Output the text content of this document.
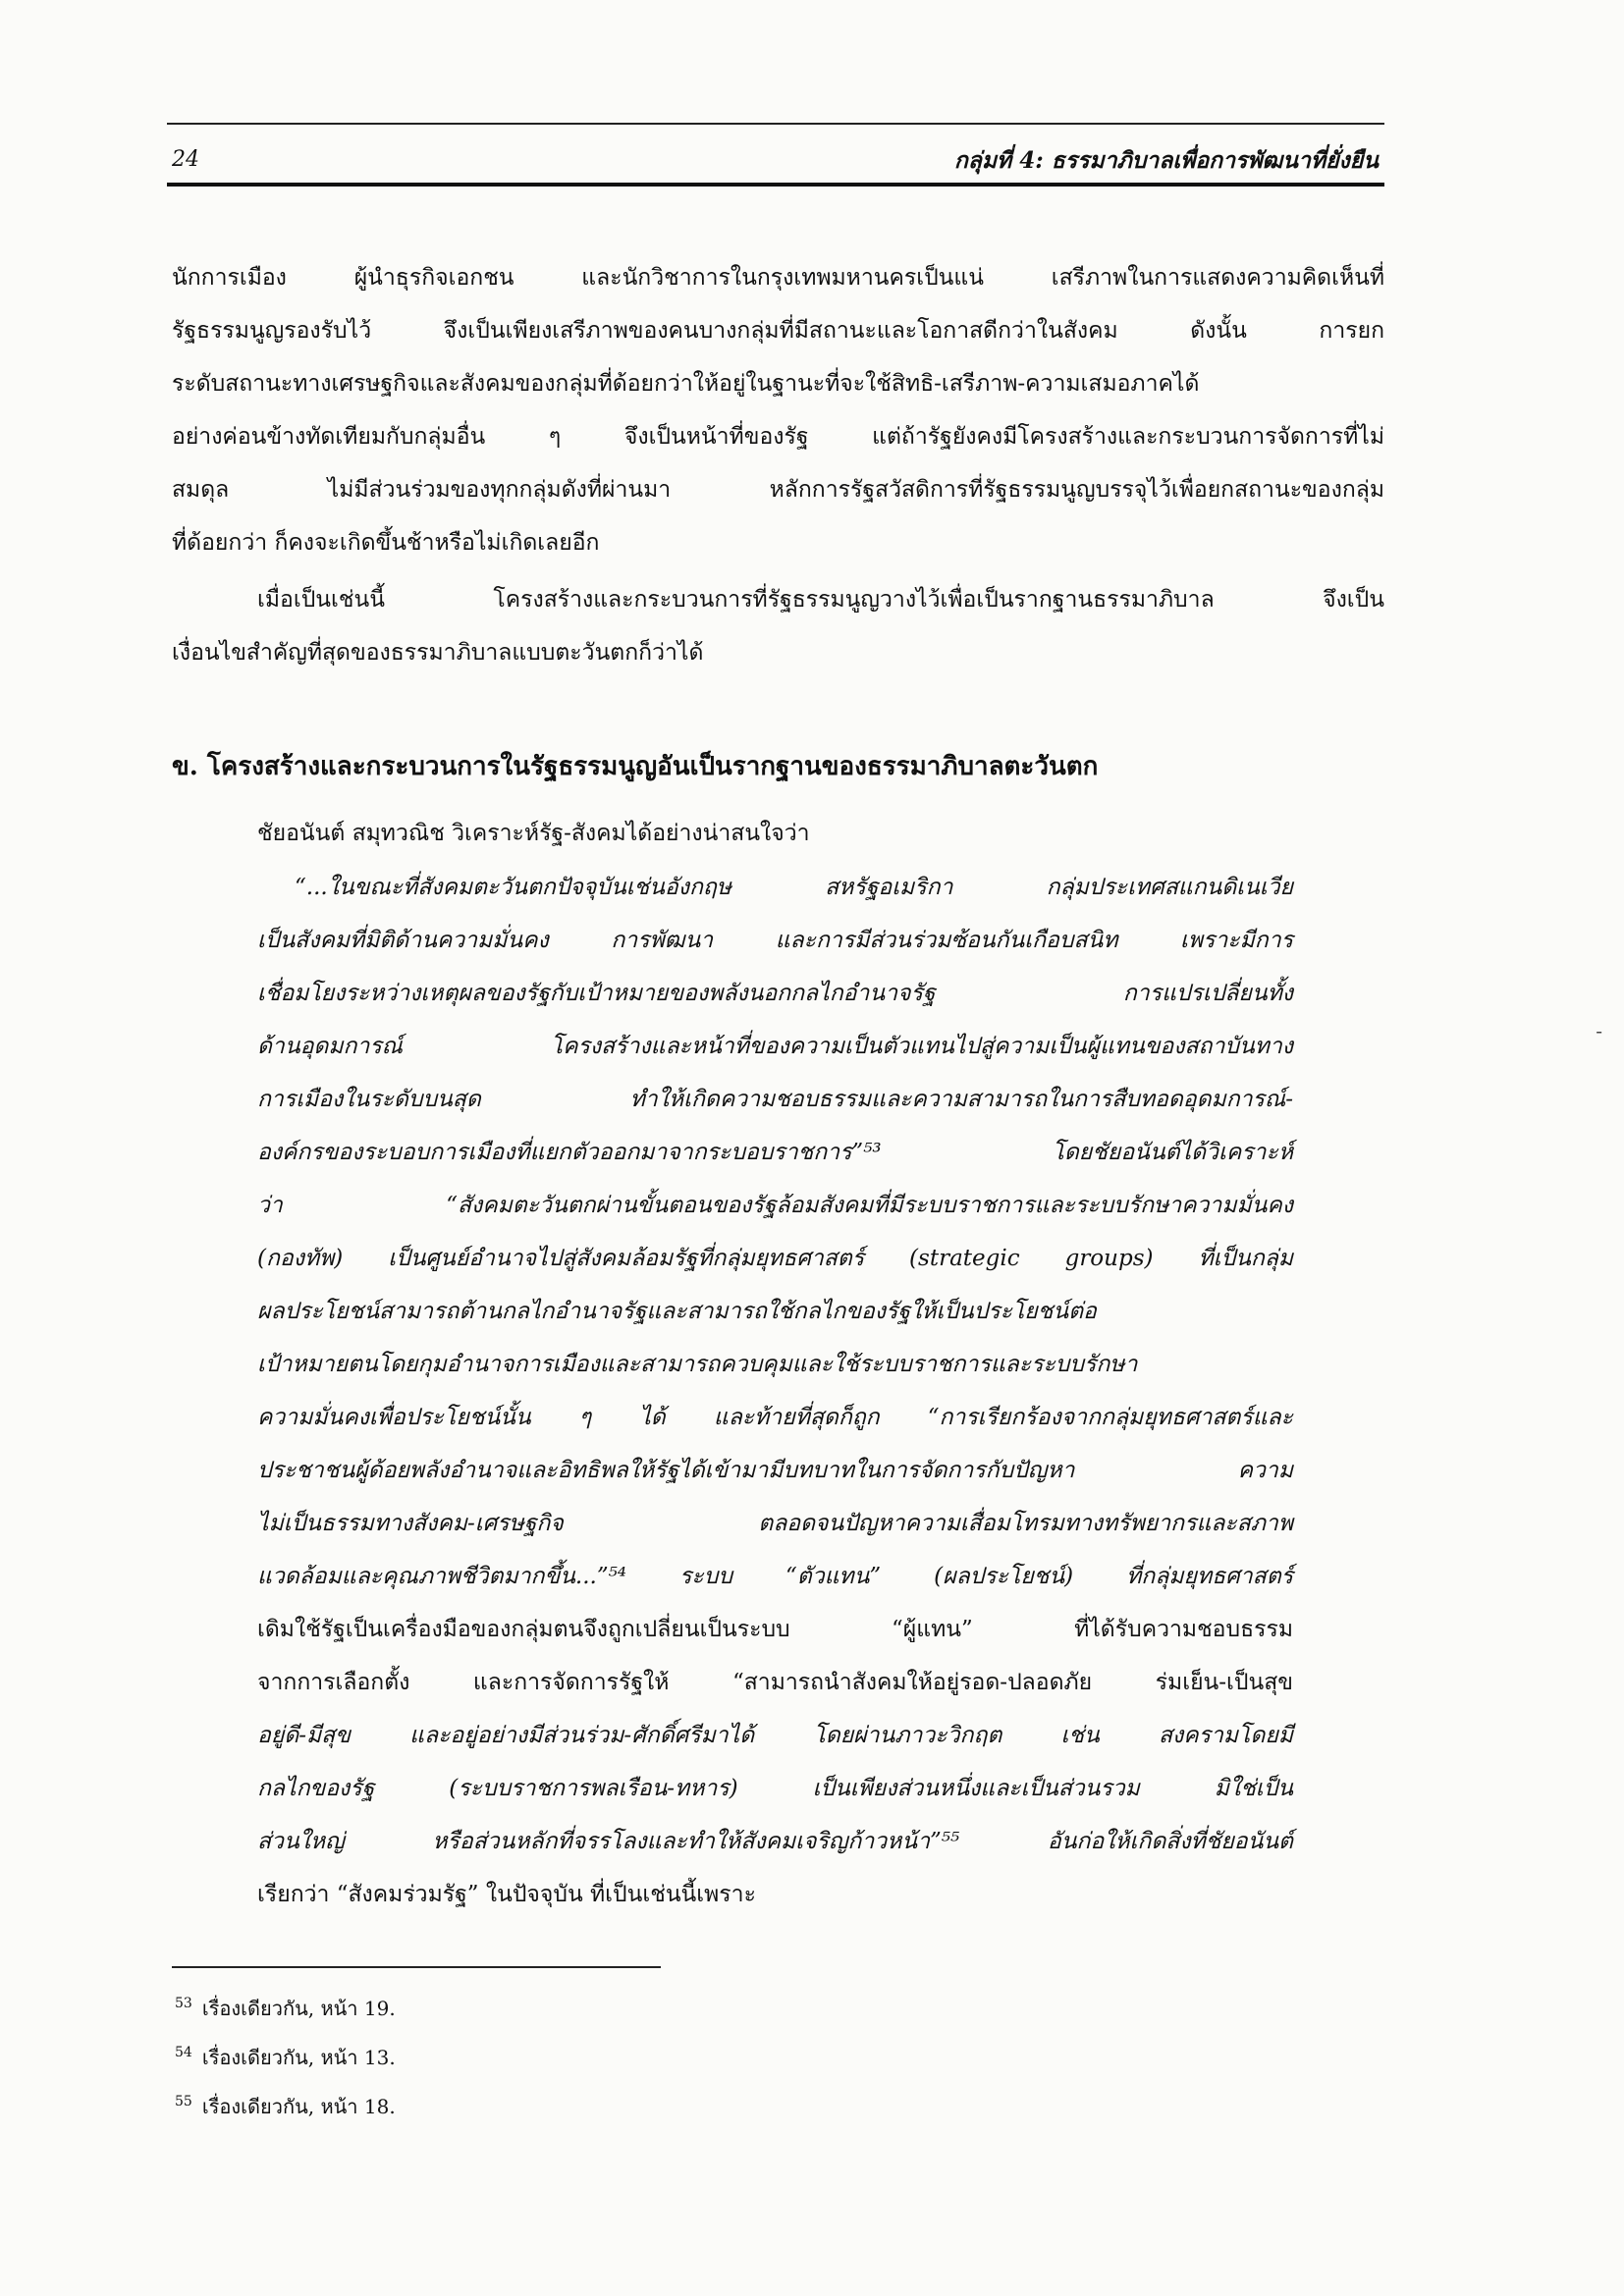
24	กลุ่มที่ 4: ธรรมาภิบาลเพื่อการพัฒนาที่ยั่งยืน
นักการเมือง ผู้นำธุรกิจเอกชน และนักวิชาการในกรุงเทพมหานครเป็นแน่ เสรีภาพในการแสดงความคิดเห็นที่
รัฐธรรมนูญรองรับไว้ จึงเป็นเพียงเสรีภาพของคนบางกลุ่มที่มีสถานะและโอกาสดีกว่าในสังคม ดังนั้น การยก
ระดับสถานะทางเศรษฐกิจและสังคมของกลุ่มที่ด้อยกว่าให้อยู่ในฐานะที่จะใช้สิทธิ-เสรีภาพ-ความเสมอภาคได้
อย่างค่อนข้างทัดเทียมกับกลุ่มอื่น ๆ จึงเป็นหน้าที่ของรัฐ แต่ถ้ารัฐยังคงมีโครงสร้างและกระบวนการจัดการที่ไม่
สมดุล ไม่มีส่วนร่วมของทุกกลุ่มดังที่ผ่านมา หลักการรัฐสวัสดิการที่รัฐธรรมนูญบรรจุไว้เพื่อยกสถานะของกลุ่ม
ที่ด้อยกว่า ก็คงจะเกิดขึ้นช้าหรือไม่เกิดเลยอีก
เมื่อเป็นเช่นนี้ โครงสร้างและกระบวนการที่รัฐธรรมนูญวางไว้เพื่อเป็นรากฐานธรรมาภิบาล จึงเป็น
เงื่อนไขสำคัญที่สุดของธรรมาภิบาลแบบตะวันตกก็ว่าได้
ข. โครงสร้างและกระบวนการในรัฐธรรมนูญอันเป็นรากฐานของธรรมาภิบาลตะวันตก
ชัยอนันต์ สมุทวณิช วิเคราะห์รัฐ-สังคมได้อย่างน่าสนใจว่า
“...ในขณะที่สังคมตะวันตกปัจจุบันเช่นอังกฤษ สหรัฐอเมริกา กลุ่มประเทศสแกนดิเนเวีย
เป็นสังคมที่มิติด้านความมั่นคง การพัฒนา และการมีส่วนร่วมซ้อนกันเกือบสนิท เพราะมีการ
เชื่อมโยงระหว่างเหตุผลของรัฐกับเป้าหมายของพลังนอกกลไกอำนาจรัฐ การแปรเปลี่ยนทั้ง
ด้านอุดมการณ์ โครงสร้างและหน้าที่ของความเป็นตัวแทนไปสู่ความเป็นผู้แทนของสถาบันทาง
การเมืองในระดับบนสุด ทำให้เกิดความชอบธรรมและความสามารถในการสืบทอดอุดมการณ์-
องค์กรของระบอบการเมืองที่แยกตัวออกมาจากระบอบราชการ”⁵³ โดยชัยอนันต์ได้วิเคราะห์
ว่า “สังคมตะวันตกผ่านขั้นตอนของรัฐล้อมสังคมที่มีระบบราชการและระบบรักษาความมั่นคง
(กองทัพ) เป็นศูนย์อำนาจไปสู่สังคมล้อมรัฐที่กลุ่มยุทธศาสตร์ (strategic groups) ที่เป็นกลุ่ม
ผลประโยชน์สามารถต้านกลไกอำนาจรัฐและสามารถใช้กลไกของรัฐให้เป็นประโยชน์ต่อ
เป้าหมายตนโดยกุมอำนาจการเมืองและสามารถควบคุมและใช้ระบบราชการและระบบรักษา
ความมั่นคงเพื่อประโยชน์นั้น ๆ ได้ และท้ายที่สุดก็ถูก “การเรียกร้องจากกลุ่มยุทธศาสตร์และ
ประชาชนผู้ด้อยพลังอำนาจและอิทธิพลให้รัฐได้เข้ามามีบทบาทในการจัดการกับปัญหา ความ
ไม่เป็นธรรมทางสังคม-เศรษฐกิจ ตลอดจนปัญหาความเสื่อมโทรมทางทรัพยากรและสภาพ
แวดล้อมและคุณภาพชีวิตมากขึ้น...”⁵⁴ ระบบ “ตัวแทน” (ผลประโยชน์) ที่กลุ่มยุทธศาสตร์
เดิมใช้รัฐเป็นเครื่องมือของกลุ่มตนจึงถูกเปลี่ยนเป็นระบบ “ผู้แทน” ที่ได้รับความชอบธรรม
จากการเลือกตั้ง และการจัดการรัฐให้ “สามารถนำสังคมให้อยู่รอด-ปลอดภัย ร่มเย็น-เป็นสุข
อยู่ดี-มีสุข และอยู่อย่างมีส่วนร่วม-ศักดิ์ศรีมาได้ โดยผ่านภาวะวิกฤต เช่น สงครามโดยมี
กลไกของรัฐ (ระบบราชการพลเรือน-ทหาร) เป็นเพียงส่วนหนึ่งและเป็นส่วนรวม มิใช่เป็น
ส่วนใหญ่ หรือส่วนหลักที่จรรโลงและทำให้สังคมเจริญก้าวหน้า”⁵⁵ อันก่อให้เกิดสิ่งที่ชัยอนันต์
เรียกว่า “สังคมร่วมรัฐ” ในปัจจุบัน ที่เป็นเช่นนี้เพราะ
$^{53}$ เรื่องเดียวกัน, หน้า 19.
$^{54}$ เรื่องเดียวกัน, หน้า 13.
$^{55}$ เรื่องเดียวกัน, หน้า 18.
-
